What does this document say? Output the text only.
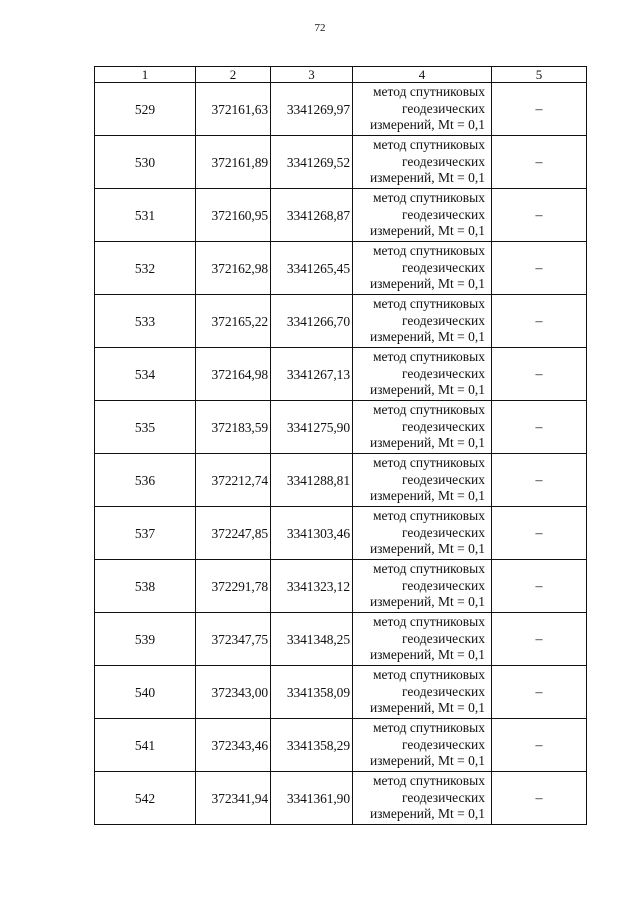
72
1	2	3	4	5
529	372161,63	3341269,97	метод спутниковых
геодезических
измерений, Mt = 0,1	–
530	372161,89	3341269,52	метод спутниковых
геодезических
измерений, Mt = 0,1	–
531	372160,95	3341268,87	метод спутниковых
геодезических
измерений, Mt = 0,1	–
532	372162,98	3341265,45	метод спутниковых
геодезических
измерений, Mt = 0,1	–
533	372165,22	3341266,70	метод спутниковых
геодезических
измерений, Mt = 0,1	–
534	372164,98	3341267,13	метод спутниковых
геодезических
измерений, Mt = 0,1	–
535	372183,59	3341275,90	метод спутниковых
геодезических
измерений, Mt = 0,1	–
536	372212,74	3341288,81	метод спутниковых
геодезических
измерений, Mt = 0,1	–
537	372247,85	3341303,46	метод спутниковых
геодезических
измерений, Mt = 0,1	–
538	372291,78	3341323,12	метод спутниковых
геодезических
измерений, Mt = 0,1	–
539	372347,75	3341348,25	метод спутниковых
геодезических
измерений, Mt = 0,1	–
540	372343,00	3341358,09	метод спутниковых
геодезических
измерений, Mt = 0,1	–
541	372343,46	3341358,29	метод спутниковых
геодезических
измерений, Mt = 0,1	–
542	372341,94	3341361,90	метод спутниковых
геодезических
измерений, Mt = 0,1	–
